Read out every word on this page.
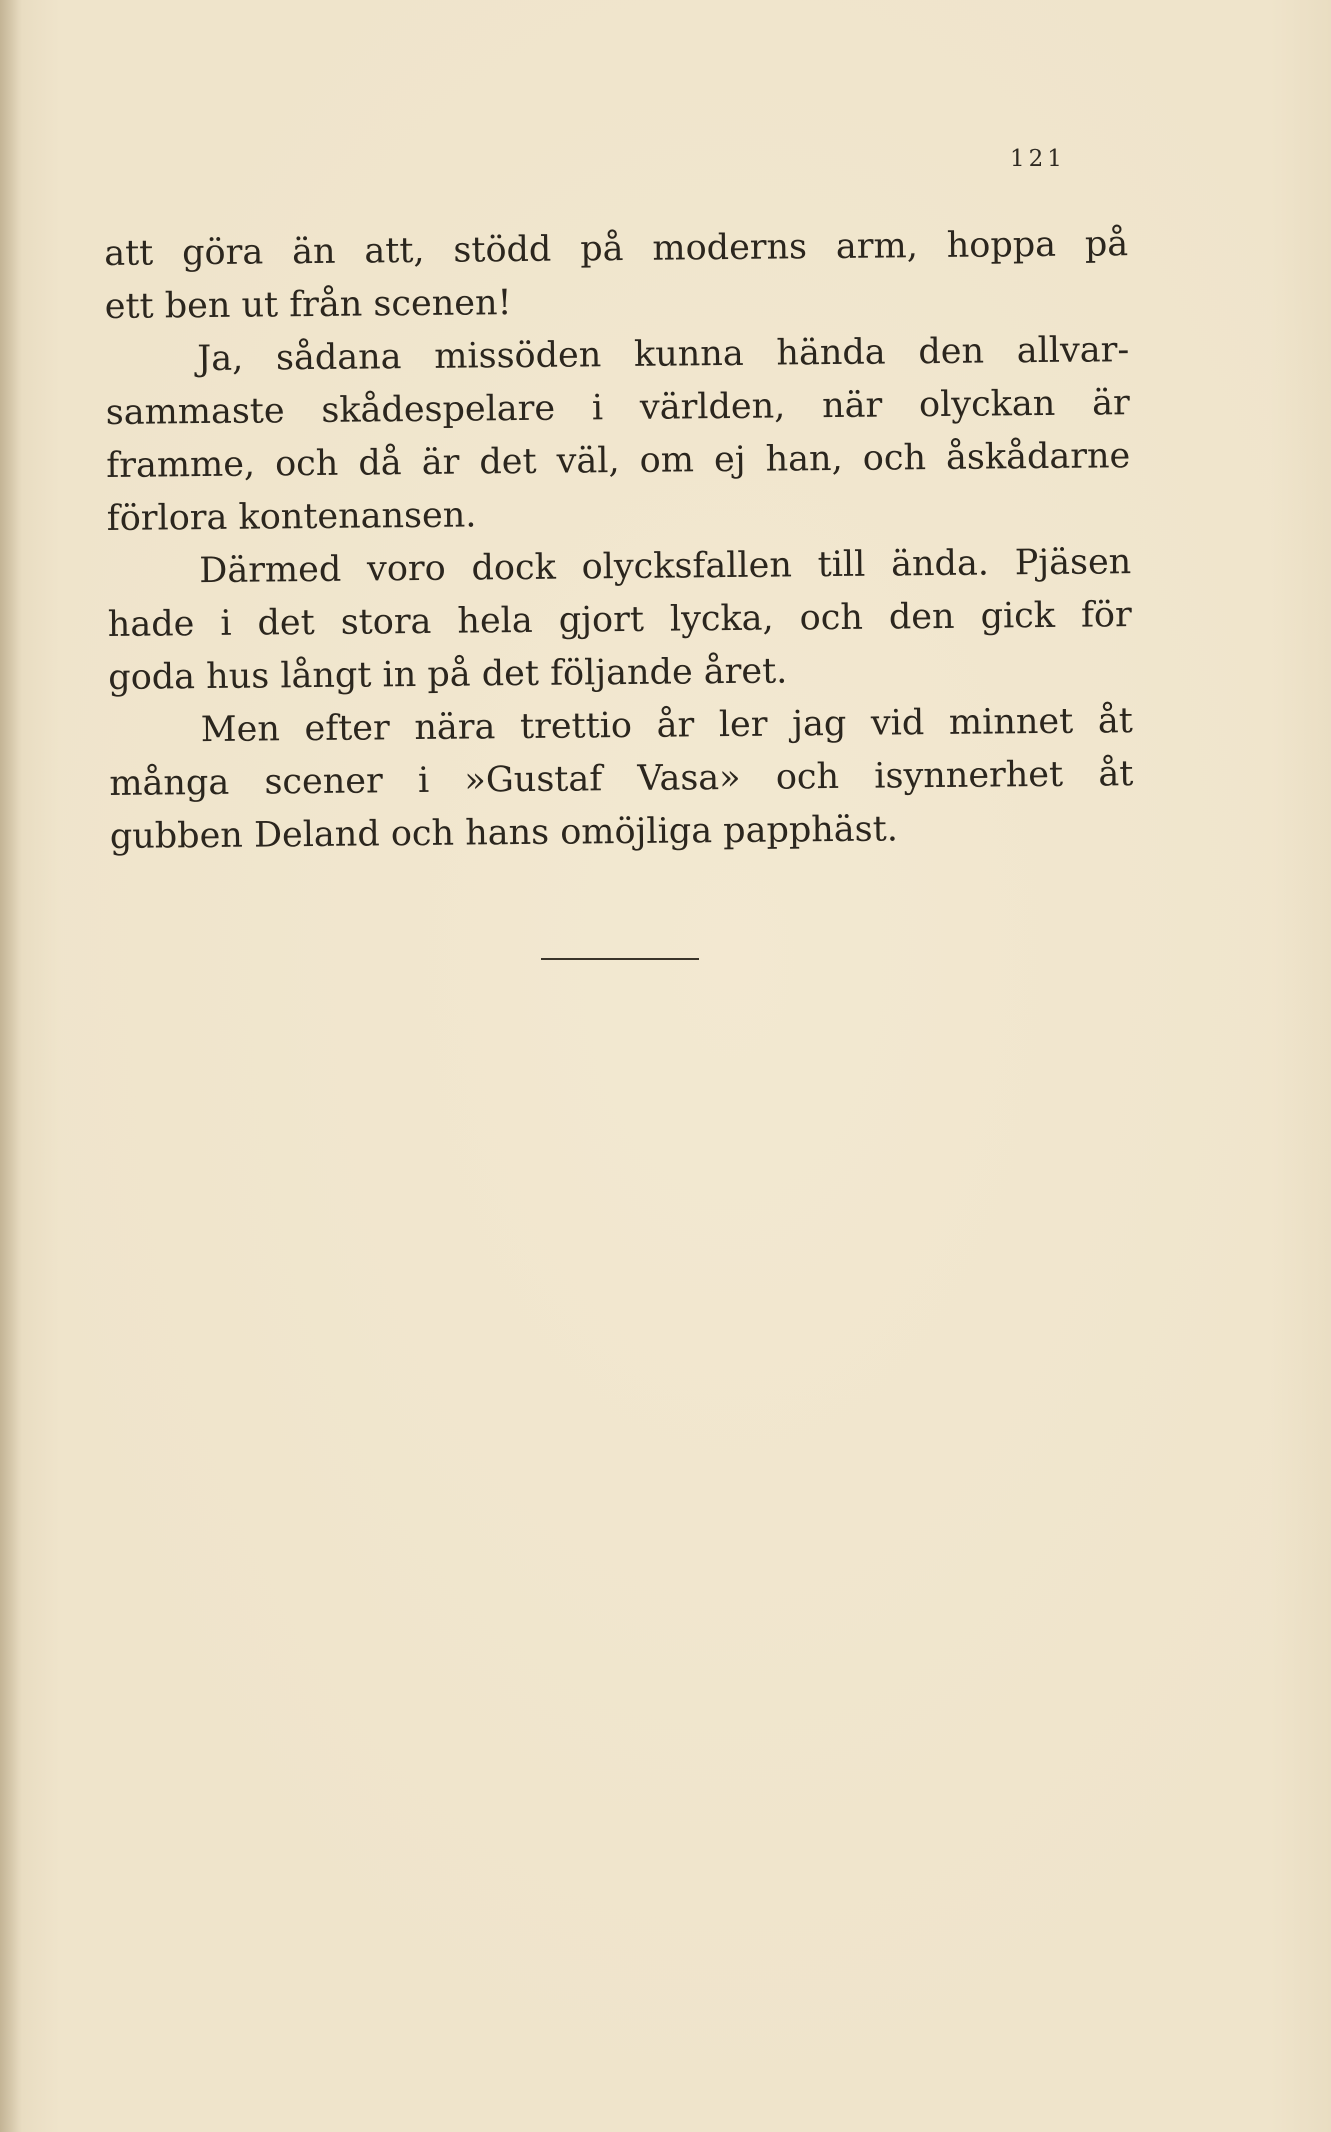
121
att göra än att, stödd på moderns arm, hoppa på
ett ben ut från scenen!
Ja, sådana missöden kunna hända den allvar-
sammaste skådespelare i världen, när olyckan är
framme, och då är det väl, om ej han, och åskådarne
förlora kontenansen.
Därmed voro dock olycksfallen till ända. Pjäsen
hade i det stora hela gjort lycka, och den gick för
goda hus långt in på det följande året.
Men efter nära trettio år ler jag vid minnet åt
många scener i »Gustaf Vasa» och isynnerhet åt
gubben Deland och hans omöjliga papphäst.
